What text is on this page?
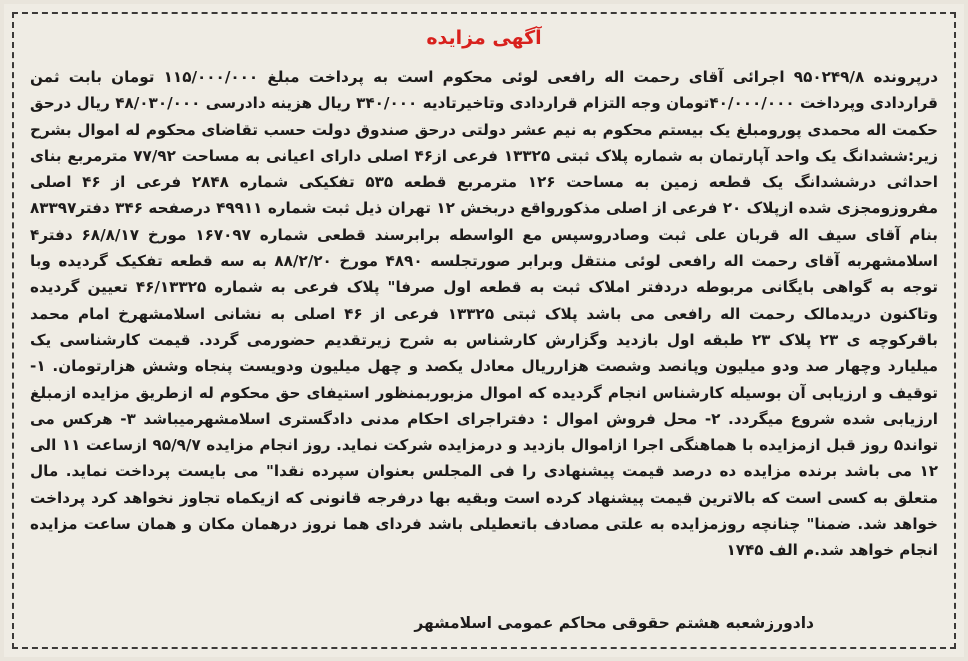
آگهی مزایده

درپرونده ۹۵۰۲۴۹/۸ اجرائی آقای رحمت اله رافعی لوئی محکوم است به پرداخت مبلغ ۱۱۵/۰۰۰/۰۰۰ تومان بابت ثمن قراردادی وپرداخت ۴۰/۰۰۰/۰۰۰تومان وجه التزام قراردادی وتاخیرتادیه ۳۴۰/۰۰۰ ریال هزینه دادرسی ۴۸/۰۳۰/۰۰۰ ریال درحق حکمت اله محمدی پورومبلغ یک بیستم محکوم به نیم عشر دولتی درحق صندوق دولت حسب تقاضای محکوم له اموال بشرح زیر:ششدانگ یک واحد آپارتمان به شماره پلاک ثبتی ۱۳۳۲۵ فرعی از۴۶ اصلی دارای اعیانی به مساحت ۷۷/۹۲ مترمربع بنای احداثی درششدانگ یک قطعه زمین به مساحت ۱۲۶ مترمربع قطعه ۵۳۵ تفکیکی شماره ۲۸۴۸ فرعی از ۴۶ اصلی مفروزومجزی شده ازپلاک ۲۰ فرعی از اصلی مذکورواقع دربخش ۱۲ تهران ذیل ثبت شماره ۴۹۹۱۱ درصفحه ۳۴۶ دفتر۸۳۳۹۷ بنام آقای سیف اله قربان علی ثبت وصادروسپس مع الواسطه برابرسند قطعی شماره ۱۶۷۰۹۷ مورخ ۶۸/۸/۱۷ دفتر۴ اسلامشهربه آقای رحمت اله رافعی لوئی منتقل وبرابر صورتجلسه ۴۸۹۰ مورخ ۸۸/۲/۲۰ به سه قطعه تفکیک گردیده وبا توجه به گواهی بایگانی مربوطه دردفتر املاک ثبت به قطعه اول صرفا" پلاک فرعی به شماره ۴۶/۱۳۳۲۵ تعیین گردیده وتاکنون دریدمالک رحمت اله رافعی می باشد پلاک ثبتی ۱۳۳۲۵ فرعی از ۴۶ اصلی به نشانی اسلامشهرخ امام محمد باقرکوچه ی ۲۳ پلاک ۲۳ طبقه اول بازدید وگزارش کارشناس به شرح زیرتقدیم حضورمی گردد. قیمت کارشناسی یک میلیارد وچهار صد ودو میلیون وپانصد وشصت هزارریال معادل یکصد و چهل میلیون ودویست پنجاه وشش هزارتومان. ۱- توقیف و ارزیابی آن بوسیله کارشناس انجام گردیده که اموال مزبوربمنظور استیفای حق محکوم له ازطریق مزایده ازمبلغ ارزیابی شده شروع میگردد. ۲- محل فروش اموال : دفتراجرای احکام مدنی دادگستری اسلامشهرمیباشد ۳- هرکس می تواند۵ روز قبل ازمزایده با هماهنگی اجرا ازاموال بازدید و درمزایده شرکت نماید. روز انجام مزایده ۹۵/۹/۷ ازساعت ۱۱ الی ۱۲ می باشد برنده مزایده ده درصد قیمت پیشنهادی را فی المجلس بعنوان سپرده نقدا" می بایست پرداخت نماید. مال متعلق به کسی است که بالاترین قیمت پیشنهاد کرده است وبقیه بها درفرجه قانونی که ازیکماه تجاوز نخواهد کرد پرداخت خواهد شد. ضمنا" چنانچه روزمزایده به علتی مصادف باتعطیلی باشد فردای هما نروز درهمان مکان و همان ساعت مزایده انجام خواهد شد.م الف ۱۷۴۵

دادورزشعبه هشتم حقوقی محاکم عمومی اسلامشهر
